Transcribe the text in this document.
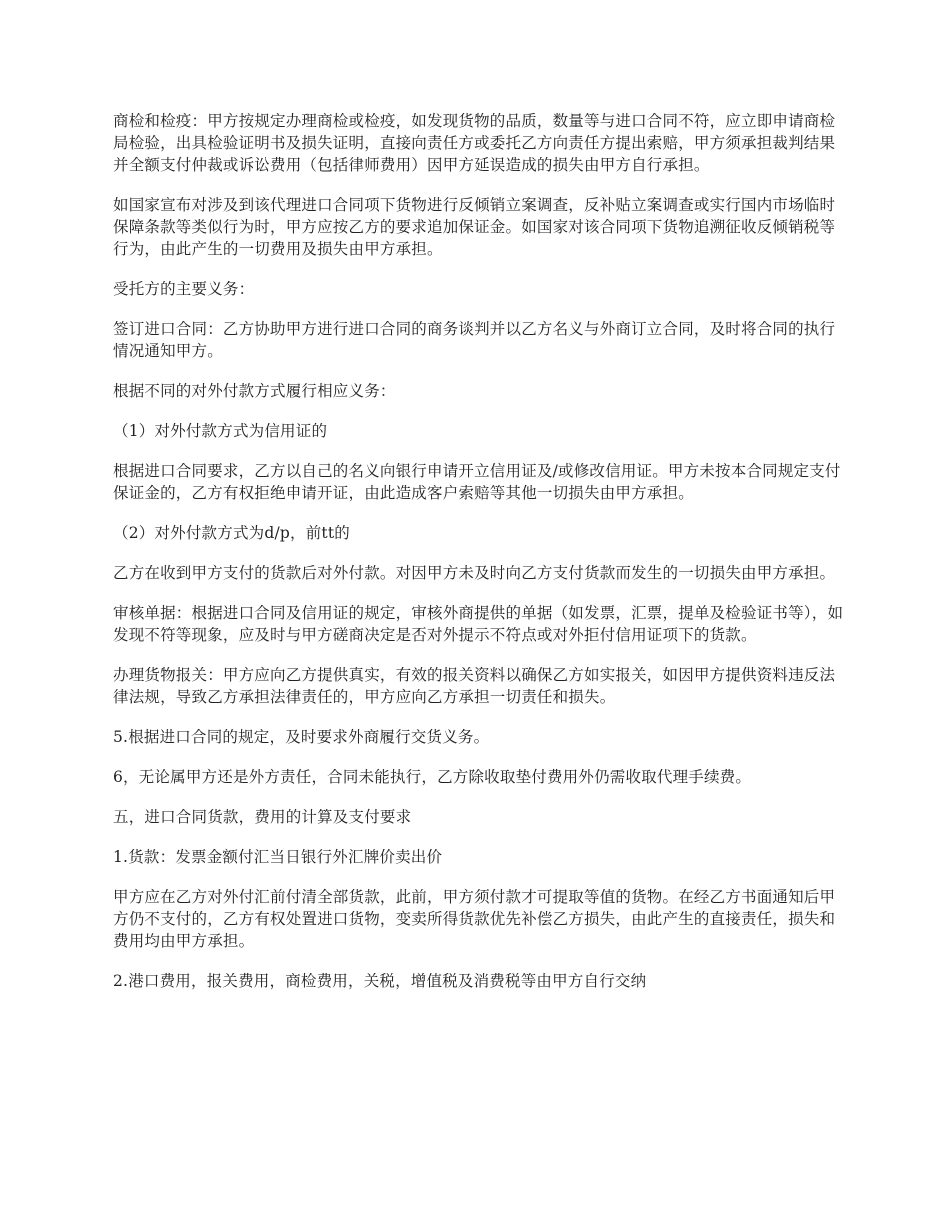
商检和检疫：甲方按规定办理商检或检疫，如发现货物的品质，数量等与进口合同不符，应立即申请商检局检验，出具检验证明书及损失证明，直接向责任方或委托乙方向责任方提出索赔，甲方须承担裁判结果并全额支付仲裁或诉讼费用（包括律师费用）因甲方延误造成的损失由甲方自行承担。

如国家宣布对涉及到该代理进口合同项下货物进行反倾销立案调查，反补贴立案调查或实行国内市场临时保障条款等类似行为时，甲方应按乙方的要求追加保证金。如国家对该合同项下货物追溯征收反倾销税等行为，由此产生的一切费用及损失由甲方承担。

受托方的主要义务：

签订进口合同：乙方协助甲方进行进口合同的商务谈判并以乙方名义与外商订立合同，及时将合同的执行情况通知甲方。

根据不同的对外付款方式履行相应义务：

（1）对外付款方式为信用证的

根据进口合同要求，乙方以自己的名义向银行申请开立信用证及/或修改信用证。甲方未按本合同规定支付保证金的，乙方有权拒绝申请开证，由此造成客户索赔等其他一切损失由甲方承担。

（2）对外付款方式为d/p，前tt的

乙方在收到甲方支付的货款后对外付款。对因甲方未及时向乙方支付货款而发生的一切损失由甲方承担。

审核单据：根据进口合同及信用证的规定，审核外商提供的单据（如发票，汇票，提单及检验证书等），如发现不符等现象，应及时与甲方磋商决定是否对外提示不符点或对外拒付信用证项下的货款。

办理货物报关：甲方应向乙方提供真实，有效的报关资料以确保乙方如实报关，如因甲方提供资料违反法律法规，导致乙方承担法律责任的，甲方应向乙方承担一切责任和损失。

5.根据进口合同的规定，及时要求外商履行交货义务。

6，无论属甲方还是外方责任，合同未能执行，乙方除收取垫付费用外仍需收取代理手续费。

五，进口合同货款，费用的计算及支付要求

1.货款：发票金额付汇当日银行外汇牌价卖出价

甲方应在乙方对外付汇前付清全部货款，此前，甲方须付款才可提取等值的货物。在经乙方书面通知后甲方仍不支付的，乙方有权处置进口货物，变卖所得货款优先补偿乙方损失，由此产生的直接责任，损失和费用均由甲方承担。

2.港口费用，报关费用，商检费用，关税，增值税及消费税等由甲方自行交纳
